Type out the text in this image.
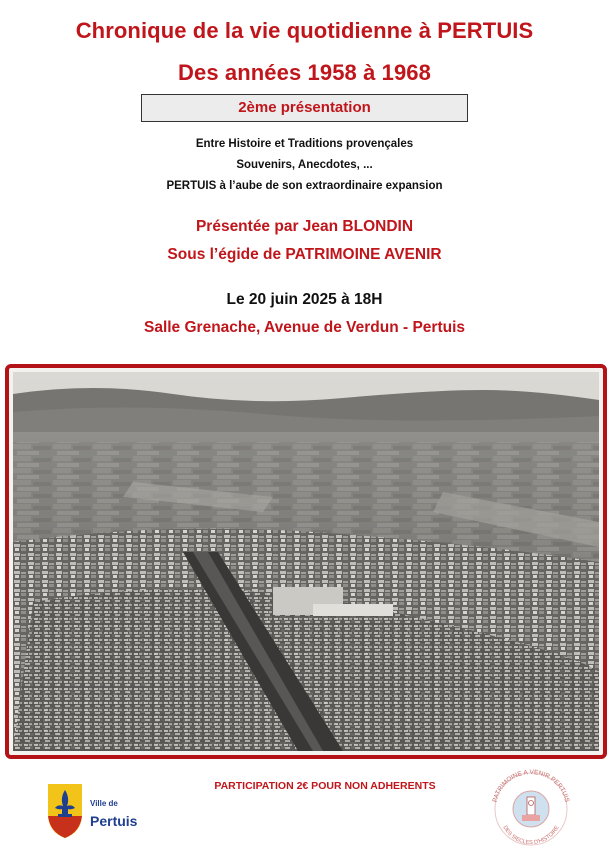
Chronique de la vie quotidienne à PERTUIS
Des années 1958 à 1968
2ème présentation
Entre Histoire et Traditions provençales
Souvenirs, Anecdotes, ...
PERTUIS à l’aube de son extraordinaire expansion
Présentée par Jean BLONDIN
Sous l’égide de PATRIMOINE AVENIR
Le 20 juin 2025 à 18H
Salle Grenache, Avenue de Verdun - Pertuis
Ville de
Pertuis
PARTICIPATION 2€ POUR NON ADHERENTS
PATRIMOINE A VENIR PERTUIS
DES SIECLES D'HISTOIRE
